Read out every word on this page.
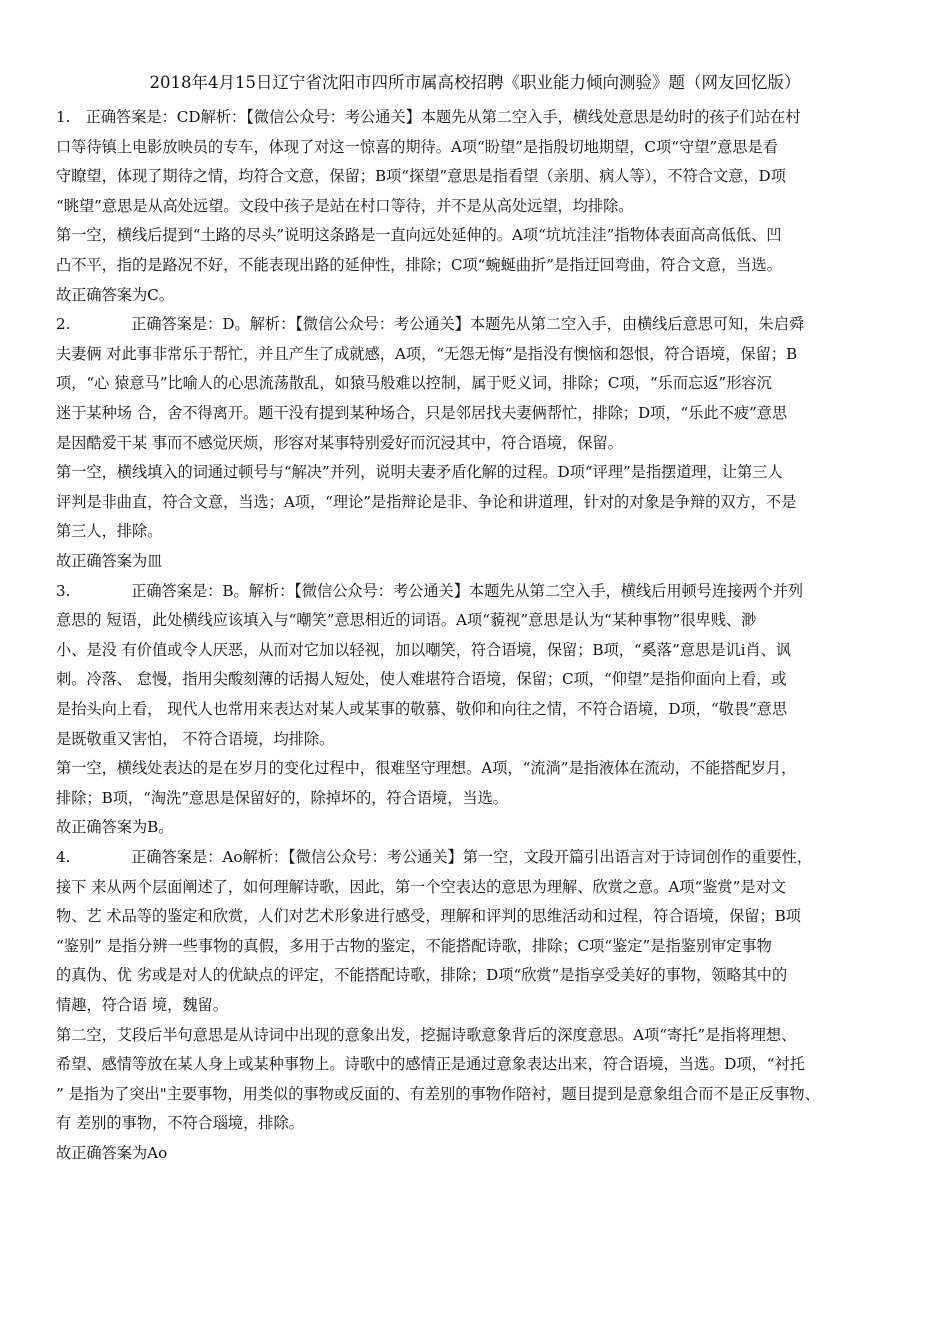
2018年4月15日辽宁省沈阳市四所市属高校招聘《职业能力倾向测验》题（网友回忆版）
1.　正确答案是：CD解析：【微信公众号：考公通关】本题先从第二空入手，横线处意思是幼时的孩子们站在村
口等待镇上电影放映员的专车，体现了对这一惊喜的期待。A项“盼望”是指殷切地期望，C项“守望”意思是看
守瞭望，体现了期待之情，均符合文意，保留；B项“探望”意思是指看望（亲朋、病人等），不符合文意，D项
“眺望”意思是从高处远望。文段中孩子是站在村口等待，并不是从高处远望，均排除。
第一空，横线后提到“土路的尽头”说明这条路是一直向远处延伸的。A项“坑坑洼洼”指物体表面高高低低、凹
凸不平，指的是路况不好，不能表现出路的延伸性，排除；C项“蜿蜒曲折”是指迂回弯曲，符合文意，当选。
故正确答案为C。
2.　　　　正确答案是：D。解析：【微信公众号：考公通关】本题先从第二空入手，由横线后意思可知，朱启舜
夫妻俩 对此事非常乐于帮忙，并且产生了成就感，A项，“无怨无悔”是指没有懊恼和怨恨，符合语境，保留；B
项，“心 猿意马”比喻人的心思流荡散乱，如猿马般难以控制，属于贬义词，排除；C项，“乐而忘返”形容沉
迷于某种场 合，舍不得离开。题干没有提到某种场合，只是邻居找夫妻俩帮忙，排除；D项，“乐此不疲”意思
是因酷爱干某 事而不感觉厌烦，形容对某事特别爱好而沉浸其中，符合语境，保留。
第一空，横线填入的词通过顿号与“解决”并列，说明夫妻矛盾化解的过程。D项“评理”是指摆道理，让第三人
评判是非曲直，符合文意，当选；A项，“理论”是指辩论是非、争论和讲道理，针对的对象是争辩的双方，不是
第三人，排除。
故正确答案为皿
3.　　　　正确答案是：B。解析：【微信公众号：考公通关】本题先从第二空入手，横线后用顿号连接两个并列
意思的 短语，此处横线应该填入与“嘲笑”意思相近的词语。A项“藐视”意思是认为“某种事物”很卑贱、渺
小、是没 有价值或令人厌恶，从而对它加以轻视，加以嘲笑，符合语境，保留；B项，“奚落”意思是讥i肖、讽
刺。冷落、 怠慢，指用尖酸刻薄的话揭人短处，使人难堪符合语境，保留；C项，“仰望”是指仰面向上看，或
是抬头向上看， 现代人也常用来表达对某人或某事的敬慕、敬仰和向往之情，不符合语境，D项，“敬畏”意思
是既敬重又害怕， 不符合语境，均排除。
第一空，横线处表达的是在岁月的变化过程中，很难坚守理想。A项，“流淌”是指液体在流动，不能搭配岁月，
排除；B项，“淘洗”意思是保留好的，除掉坏的，符合语境，当选。
故正确答案为B。
4.　　　　正确答案是：Ao解析：【微信公众号：考公通关】第一空，文段开篇引出语言对于诗词创作的重要性，
接下 来从两个层面阐述了，如何理解诗歌，因此，第一个空表达的意思为理解、欣赏之意。A项“鉴赏”是对文
物、艺 术品等的鉴定和欣赏，人们对艺术形象进行感受，理解和评判的思维活动和过程，符合语境，保留；B项
“鉴别” 是指分辨一些事物的真假，多用于古物的鉴定，不能搭配诗歌，排除；C项“鉴定”是指鉴别审定事物
的真伪、优 劣或是对人的优缺点的评定，不能搭配诗歌，排除；D项“欣赏”是指享受美好的事物，领略其中的
情趣，符合语 境，魏留。
第二空，艾段后半句意思是从诗词中出现的意象出发，挖掘诗歌意象背后的深度意思。A项“寄托”是指将理想、
希望、感情等放在某人身上或某种事物上。诗歌中的感情正是通过意象表达出来，符合语境，当选。D项，“衬托
” 是指为了突出"主要事物，用类似的事物或反面的、有差别的事物作陪衬，题目提到是意象组合而不是正反事物、
有 差别的事物，不符合瑙境，排除。
故正确答案为Ao
